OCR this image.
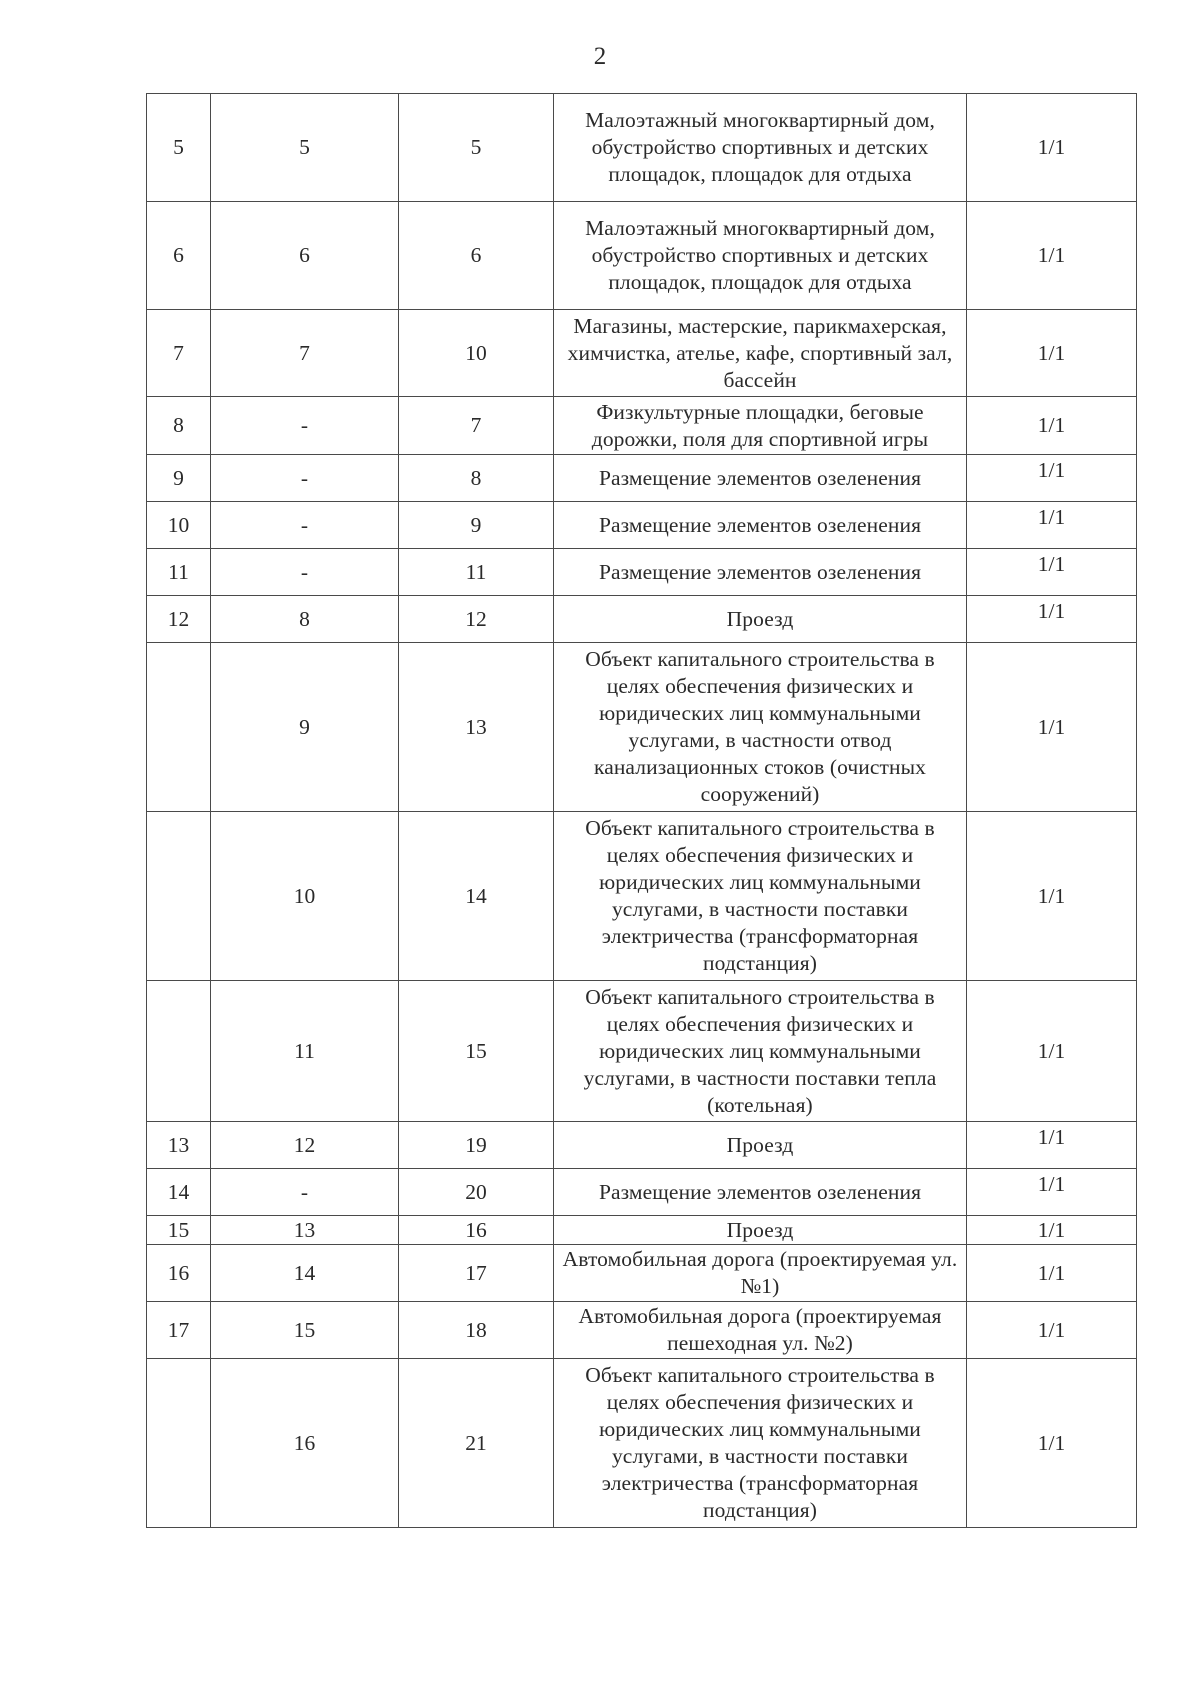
2
5	5	5	Малоэтажный многоквартирный дом, обустройство спортивных и детских площадок, площадок для отдыха	1/1
6	6	6	Малоэтажный многоквартирный дом, обустройство спортивных и детских площадок, площадок для отдыха	1/1
7	7	10	Магазины, мастерские, парикмахерская, химчистка, ателье, кафе, спортивный зал, бассейн	1/1
8	-	7	Физкультурные площадки, беговые дорожки, поля для спортивной игры	1/1
9	-	8	Размещение элементов озеленения	1/1
10	-	9	Размещение элементов озеленения	1/1
11	-	11	Размещение элементов озеленения	1/1
12	8	12	Проезд	1/1
	9	13	Объект капитального строительства в целях обеспечения физических и юридических лиц коммунальными услугами, в частности отвод канализационных стоков (очистных сооружений)	1/1
	10	14	Объект капитального строительства в целях обеспечения физических и юридических лиц коммунальными услугами, в частности поставки электричества (трансформаторная подстанция)	1/1
	11	15	Объект капитального строительства в целях обеспечения физических и юридических лиц коммунальными услугами, в частности поставки тепла (котельная)	1/1
13	12	19	Проезд	1/1
14	-	20	Размещение элементов озеленения	1/1
15	13	16	Проезд	1/1
16	14	17	Автомобильная дорога (проектируемая ул. №1)	1/1
17	15	18	Автомобильная дорога (проектируемая пешеходная ул. №2)	1/1
	16	21	Объект капитального строительства в целях обеспечения физических и юридических лиц коммунальными услугами, в частности поставки электричества (трансформаторная подстанция)	1/1
